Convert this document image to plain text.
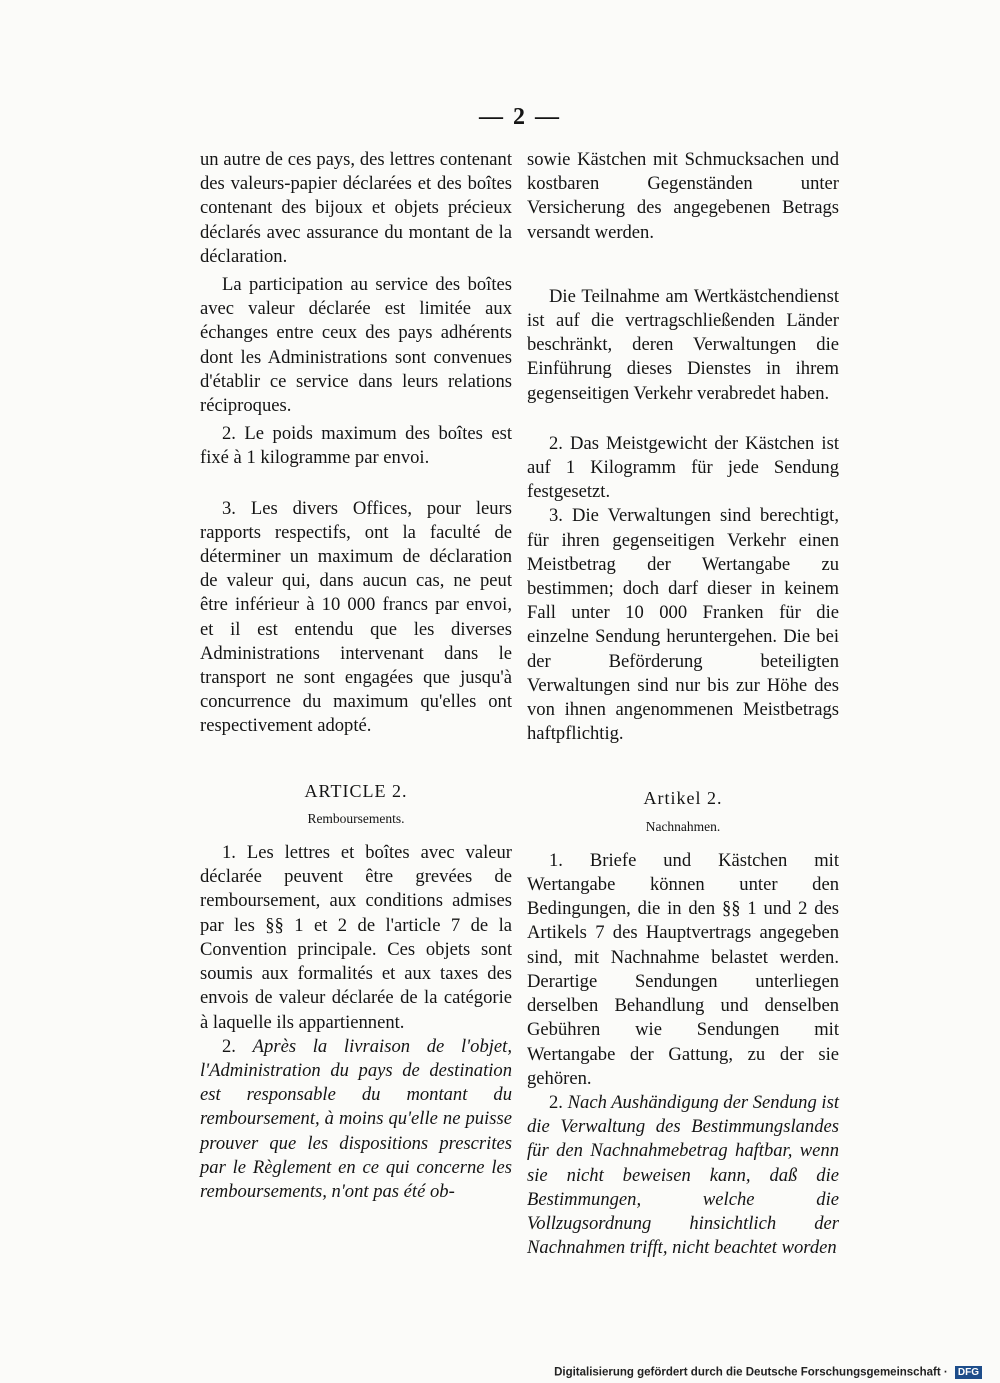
— 2 —

un autre de ces pays, des lettres contenant des valeurs-papier déclarées et des boîtes contenant des bijoux et objets précieux déclarés avec assurance du montant de la déclaration.

La participation au service des boîtes avec valeur déclarée est limitée aux échanges entre ceux des pays adhérents dont les Administrations sont convenues d'établir ce service dans leurs relations réciproques.

2. Le poids maximum des boîtes est fixé à 1 kilogramme par envoi.

3. Les divers Offices, pour leurs rapports respectifs, ont la faculté de déterminer un maximum de déclaration de valeur qui, dans aucun cas, ne peut être inférieur à 10 000 francs par envoi, et il est entendu que les diverses Administrations intervenant dans le transport ne sont engagées que jusqu'à concurrence du maximum qu'elles ont respectivement adopté.

ARTICLE 2.

Remboursements.

1. Les lettres et boîtes avec valeur déclarée peuvent être grevées de remboursement, aux conditions admises par les §§ 1 et 2 de l'article 7 de la Convention principale. Ces objets sont soumis aux formalités et aux taxes des envois de valeur déclarée de la catégorie à laquelle ils appartiennent.

2. Après la livraison de l'objet, l'Administration du pays de destination est responsable du montant du remboursement, à moins qu'elle ne puisse prouver que les dispositions prescrites par le Règlement en ce qui concerne les remboursements, n'ont pas été ob-

sowie Kästchen mit Schmucksachen und kostbaren Gegenständen unter Versicherung des angegebenen Betrags versandt werden.

Die Teilnahme am Wertkästchendienst ist auf die vertragschließenden Länder beschränkt, deren Verwaltungen die Einführung dieses Dienstes in ihrem gegenseitigen Verkehr verabredet haben.

2. Das Meistgewicht der Kästchen ist auf 1 Kilogramm für jede Sendung festgesetzt.

3. Die Verwaltungen sind berechtigt, für ihren gegenseitigen Verkehr einen Meistbetrag der Wertangabe zu bestimmen; doch darf dieser in keinem Fall unter 10 000 Franken für die einzelne Sendung heruntergehen. Die bei der Beförderung beteiligten Verwaltungen sind nur bis zur Höhe des von ihnen angenommenen Meistbetrags haftpflichtig.

Artikel 2.

Nachnahmen.

1. Briefe und Kästchen mit Wertangabe können unter den Bedingungen, die in den §§ 1 und 2 des Artikels 7 des Hauptvertrags angegeben sind, mit Nachnahme belastet werden. Derartige Sendungen unterliegen derselben Behandlung und denselben Gebühren wie Sendungen mit Wertangabe der Gattung, zu der sie gehören.

2. Nach Aushändigung der Sendung ist die Verwaltung des Bestimmungslandes für den Nachnahmebetrag haftbar, wenn sie nicht beweisen kann, daß die Bestimmungen, welche die Vollzugsordnung hinsichtlich der Nachnahmen trifft, nicht beachtet worden

Digitalisierung gefördert durch die Deutsche Forschungsgemeinschaft · DFG
